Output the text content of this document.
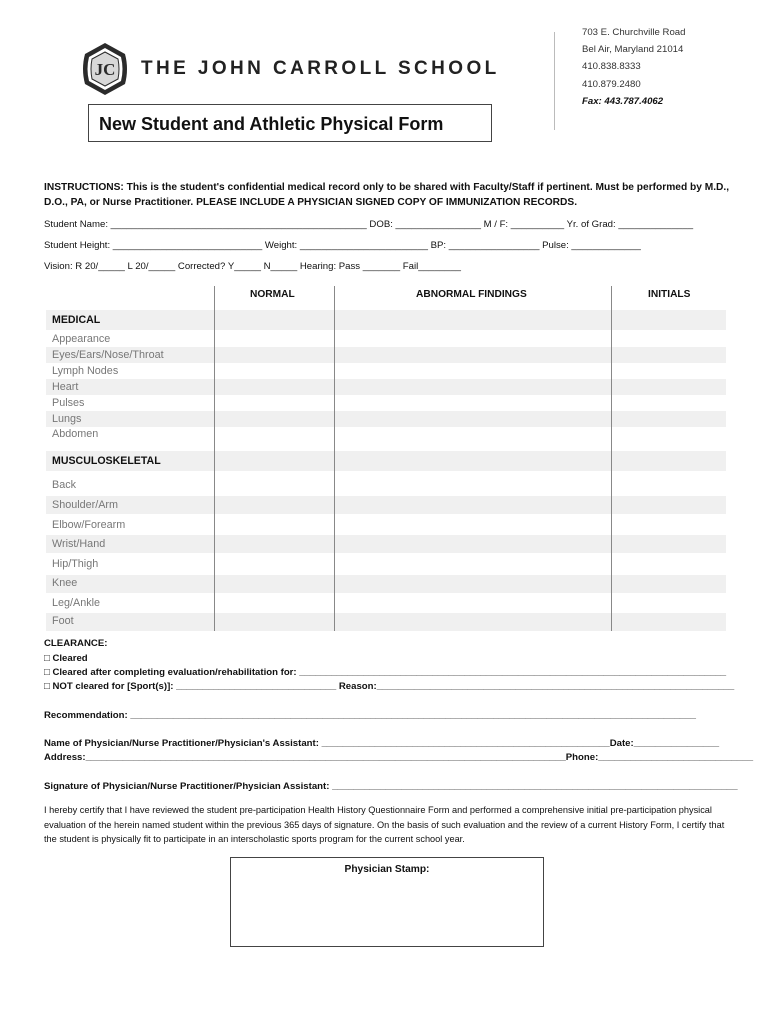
JC THE JOHN CARROLL SCHOOL
703 E. Churchville Road
Bel Air, Maryland 21014
410.838.8333
410.879.2480
Fax: 443.787.4062
New Student and Athletic Physical Form
INSTRUCTIONS: This is the student's confidential medical record only to be shared with Faculty/Staff if pertinent. Must be performed by M.D., D.O., PA, or Nurse Practitioner. PLEASE INCLUDE A PHYSICIAN SIGNED COPY OF IMMUNIZATION RECORDS.
Student Name: ________________________________________________ DOB: ________________ M / F: __________ Yr. of Grad: ______________
Student Height: ____________________________ Weight: ________________________ BP: _________________ Pulse: _____________
Vision: R 20/_____ L 20/_____ Corrected? Y_____ N_____ Hearing: Pass _______ Fail________
NORMAL	ABNORMAL FINDINGS	INITIALS
MEDICAL
Appearance
Eyes/Ears/Nose/Throat
Lymph Nodes
Heart
Pulses
Lungs
Abdomen
MUSCULOSKELETAL
Back
Shoulder/Arm
Elbow/Forearm
Wrist/Hand
Hip/Thigh
Knee
Leg/Ankle
Foot
CLEARANCE:
□ Cleared
□ Cleared after completing evaluation/rehabilitation for: ________________________________________________________________________________
□ NOT cleared for [Sport(s)]: ______________________________ Reason:___________________________________________________________________
Recommendation: __________________________________________________________________________________________________________
Name of Physician/Nurse Practitioner/Physician's Assistant: ______________________________________________________Date:________________
Address:__________________________________________________________________________________________Phone:_____________________________
Signature of Physician/Nurse Practitioner/Physician Assistant: ____________________________________________________________________________
I hereby certify that I have reviewed the student pre-participation Health History Questionnaire Form and performed a comprehensive initial pre-participation physical evaluation of the herein named student within the previous 365 days of signature. On the basis of such evaluation and the review of a current History Form, I certify that the student is physically fit to participate in an interscholastic sports program for the current school year.
Physician Stamp:
